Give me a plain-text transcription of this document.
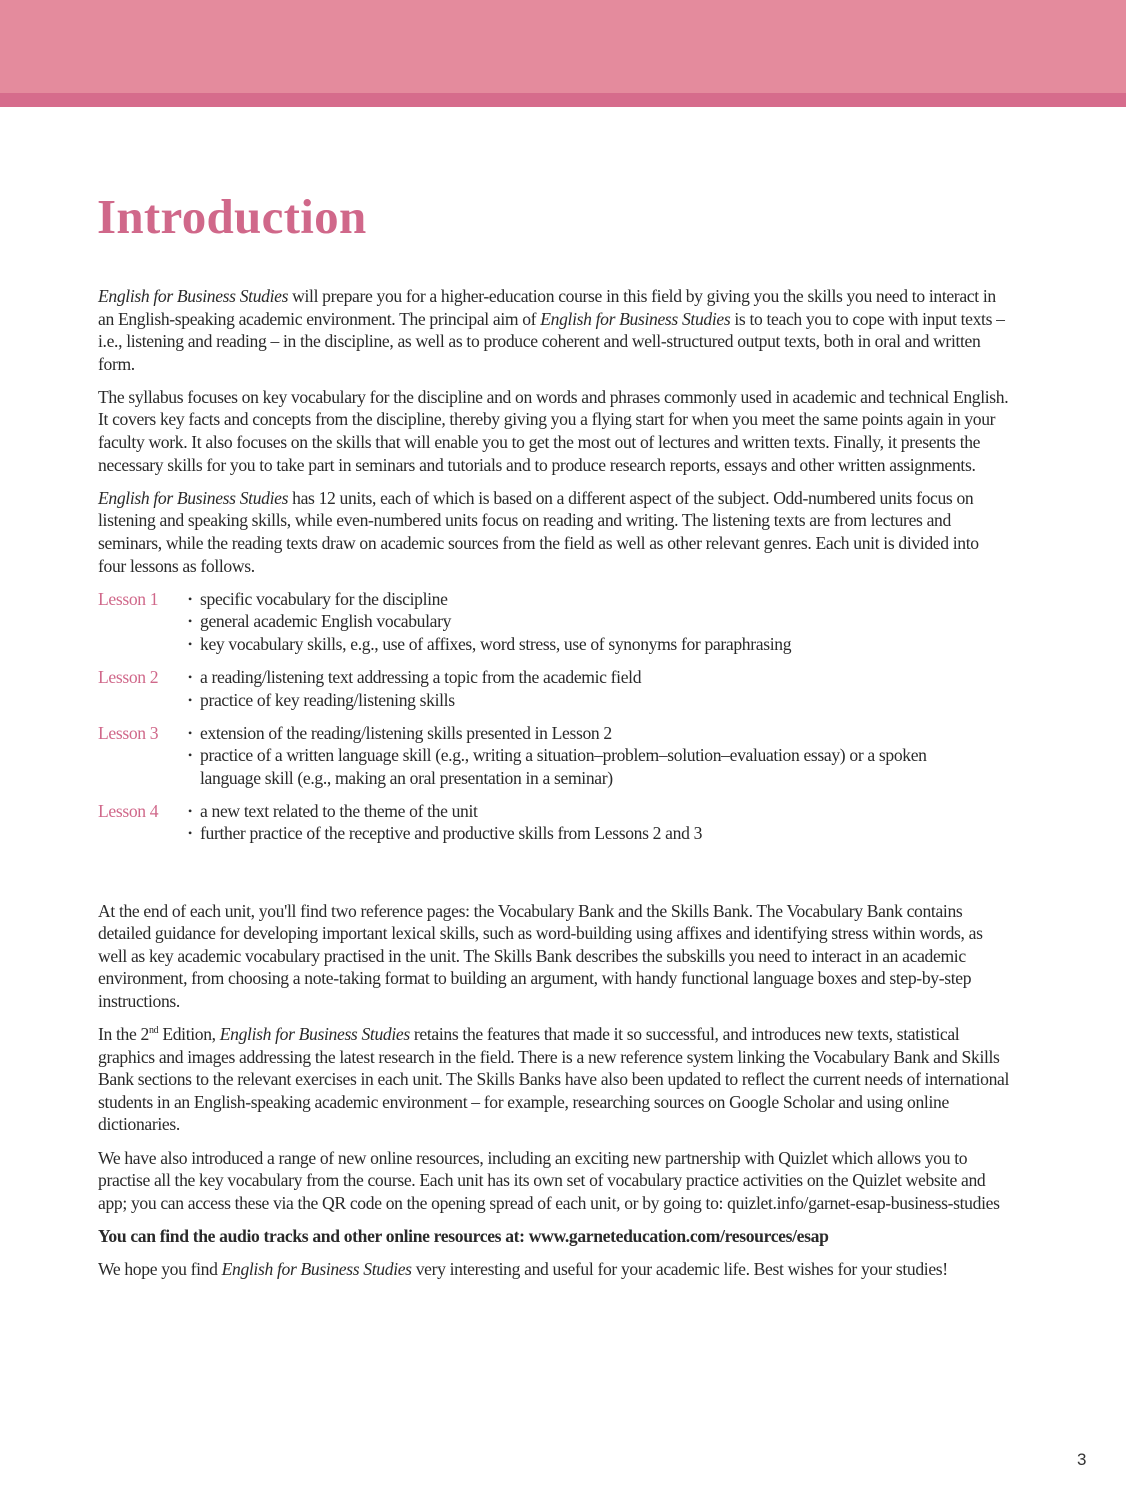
Introduction

English for Business Studies will prepare you for a higher-education course in this field by giving you the skills you need to interact in an English-speaking academic environment. The principal aim of English for Business Studies is to teach you to cope with input texts – i.e., listening and reading – in the discipline, as well as to produce coherent and well-structured output texts, both in oral and written form.

The syllabus focuses on key vocabulary for the discipline and on words and phrases commonly used in academic and technical English. It covers key facts and concepts from the discipline, thereby giving you a flying start for when you meet the same points again in your faculty work. It also focuses on the skills that will enable you to get the most out of lectures and written texts. Finally, it presents the necessary skills for you to take part in seminars and tutorials and to produce research reports, essays and other written assignments.

English for Business Studies has 12 units, each of which is based on a different aspect of the subject. Odd-numbered units focus on listening and speaking skills, while even-numbered units focus on reading and writing. The listening texts are from lectures and seminars, while the reading texts draw on academic sources from the field as well as other relevant genres. Each unit is divided into four lessons as follows.

Lesson 1	• specific vocabulary for the discipline
• general academic English vocabulary
• key vocabulary skills, e.g., use of affixes, word stress, use of synonyms for paraphrasing
Lesson 2	• a reading/listening text addressing a topic from the academic field
• practice of key reading/listening skills
Lesson 3	• extension of the reading/listening skills presented in Lesson 2
• practice of a written language skill (e.g., writing a situation–problem–solution–evaluation essay) or a spoken language skill (e.g., making an oral presentation in a seminar)
Lesson 4	• a new text related to the theme of the unit
• further practice of the receptive and productive skills from Lessons 2 and 3

At the end of each unit, you'll find two reference pages: the Vocabulary Bank and the Skills Bank. The Vocabulary Bank contains detailed guidance for developing important lexical skills, such as word-building using affixes and identifying stress within words, as well as key academic vocabulary practised in the unit. The Skills Bank describes the subskills you need to interact in an academic environment, from choosing a note-taking format to building an argument, with handy functional language boxes and step-by-step instructions.

In the 2nd Edition, English for Business Studies retains the features that made it so successful, and introduces new texts, statistical graphics and images addressing the latest research in the field. There is a new reference system linking the Vocabulary Bank and Skills Bank sections to the relevant exercises in each unit. The Skills Banks have also been updated to reflect the current needs of international students in an English-speaking academic environment – for example, researching sources on Google Scholar and using online dictionaries.

We have also introduced a range of new online resources, including an exciting new partnership with Quizlet which allows you to practise all the key vocabulary from the course. Each unit has its own set of vocabulary practice activities on the Quizlet website and app; you can access these via the QR code on the opening spread of each unit, or by going to: quizlet.info/garnet-esap-business-studies

You can find the audio tracks and other online resources at: www.garneteducation.com/resources/esap

We hope you find English for Business Studies very interesting and useful for your academic life. Best wishes for your studies!

3
